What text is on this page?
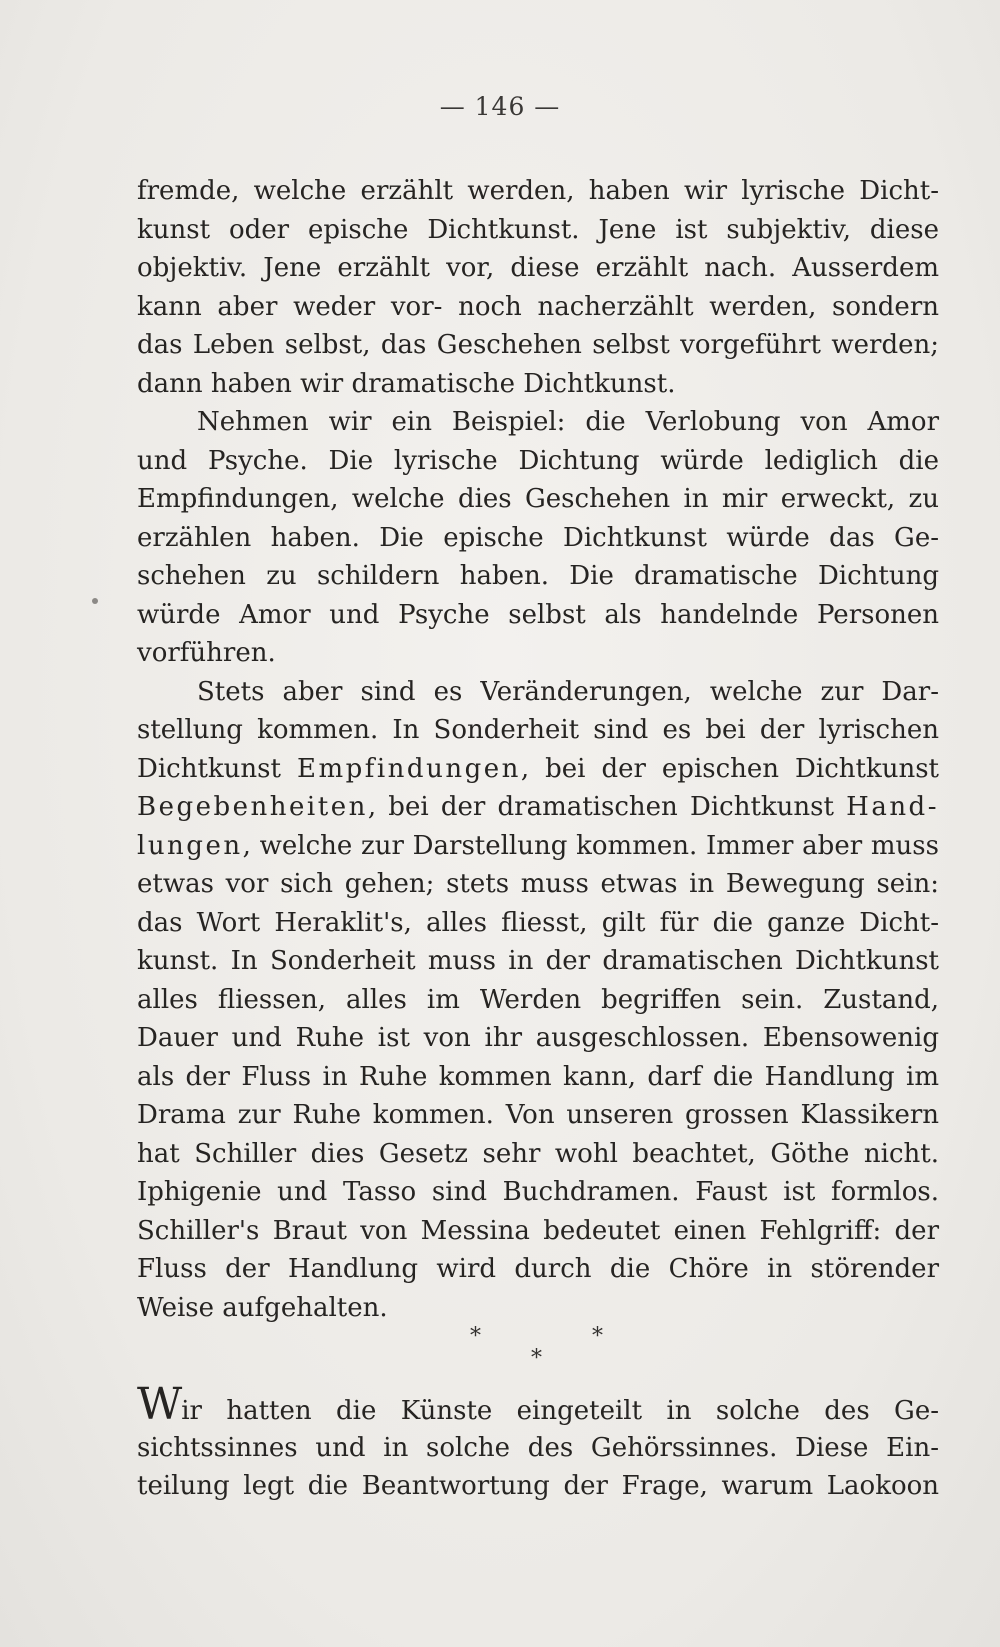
— 146 —
fremde, welche erzählt werden, haben wir lyrische Dicht-
kunst oder epische Dichtkunst. Jene ist subjektiv, diese
objektiv. Jene erzählt vor, diese erzählt nach. Ausserdem
kann aber weder vor- noch nacherzählt werden, sondern
das Leben selbst, das Geschehen selbst vorgeführt werden;
dann haben wir dramatische Dichtkunst.
Nehmen wir ein Beispiel: die Verlobung von Amor
und Psyche. Die lyrische Dichtung würde lediglich die
Empfindungen, welche dies Geschehen in mir erweckt, zu
erzählen haben. Die epische Dichtkunst würde das Ge-
schehen zu schildern haben. Die dramatische Dichtung
würde Amor und Psyche selbst als handelnde Personen
vorführen.
Stets aber sind es Veränderungen, welche zur Dar-
stellung kommen. In Sonderheit sind es bei der lyrischen
Dichtkunst Empfindungen, bei der epischen Dichtkunst
Begebenheiten, bei der dramatischen Dichtkunst Hand-
lungen, welche zur Darstellung kommen. Immer aber muss
etwas vor sich gehen; stets muss etwas in Bewegung sein:
das Wort Heraklit's, alles fliesst, gilt für die ganze Dicht-
kunst. In Sonderheit muss in der dramatischen Dichtkunst
alles fliessen, alles im Werden begriffen sein. Zustand,
Dauer und Ruhe ist von ihr ausgeschlossen. Ebensowenig
als der Fluss in Ruhe kommen kann, darf die Handlung im
Drama zur Ruhe kommen. Von unseren grossen Klassikern
hat Schiller dies Gesetz sehr wohl beachtet, Göthe nicht.
Iphigenie und Tasso sind Buchdramen. Faust ist formlos.
Schiller's Braut von Messina bedeutet einen Fehlgriff: der
Fluss der Handlung wird durch die Chöre in störender
Weise aufgehalten.
*	*
*
Wir hatten die Künste eingeteilt in solche des Ge-
sichtssinnes und in solche des Gehörssinnes. Diese Ein-
teilung legt die Beantwortung der Frage, warum Laokoon
